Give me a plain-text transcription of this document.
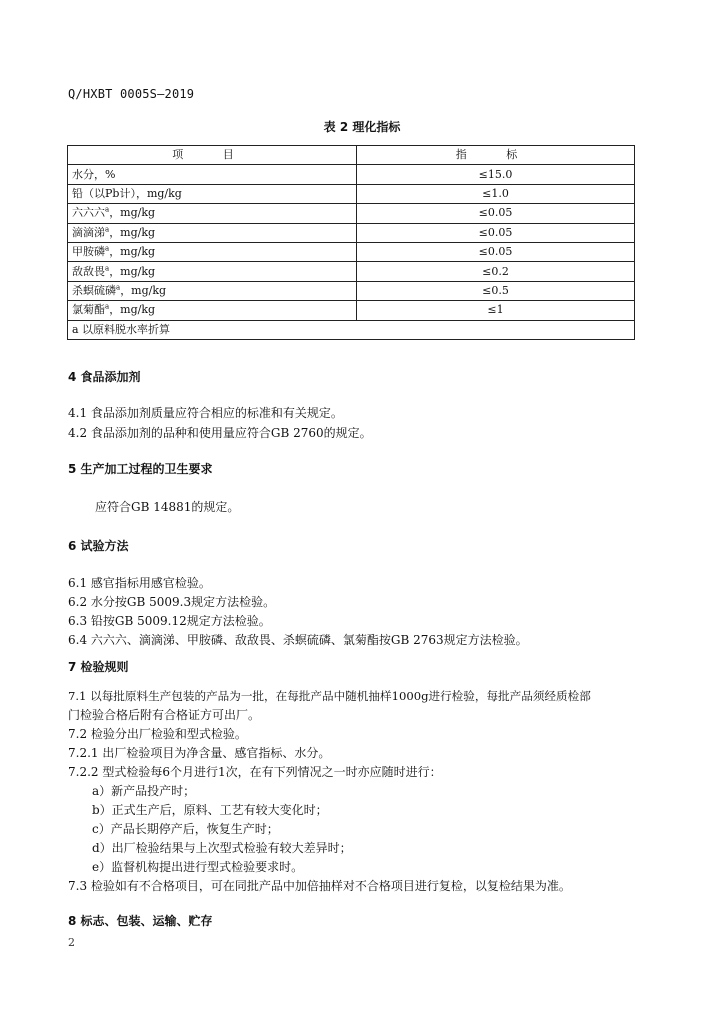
Q/HXBT 0005S—2019
表 2 理化指标
项 目	指 标
水分，%	≤15.0
铅（以Pb计），mg/kg	≤1.0
六六六$^a$，mg/kg	≤0.05
滴滴涕$^a$，mg/kg	≤0.05
甲胺磷$^a$，mg/kg	≤0.05
敌敌畏$^a$，mg/kg	≤0.2
杀螟硫磷$^a$，mg/kg	≤0.5
氯菊酯$^a$，mg/kg	≤1
a 以原料脱水率折算	
4 食品添加剂
4.1 食品添加剂质量应符合相应的标准和有关规定。
4.2 食品添加剂的品种和使用量应符合GB 2760的规定。
5 生产加工过程的卫生要求
应符合GB 14881的规定。
6 试验方法
6.1 感官指标用感官检验。
6.2 水分按GB 5009.3规定方法检验。
6.3 铅按GB 5009.12规定方法检验。
6.4 六六六、滴滴涕、甲胺磷、敌敌畏、杀螟硫磷、氯菊酯按GB 2763规定方法检验。
7 检验规则
7.1 以每批原料生产包装的产品为一批，在每批产品中随机抽样1000g进行检验，每批产品须经质检部
门检验合格后附有合格证方可出厂。
7.2 检验分出厂检验和型式检验。
7.2.1 出厂检验项目为净含量、感官指标、水分。
7.2.2 型式检验每6个月进行1次，在有下列情况之一时亦应随时进行：
a）新产品投产时；
b）正式生产后，原料、工艺有较大变化时；
c）产品长期停产后，恢复生产时；
d）出厂检验结果与上次型式检验有较大差异时；
e）监督机构提出进行型式检验要求时。
7.3 检验如有不合格项目，可在同批产品中加倍抽样对不合格项目进行复检，以复检结果为准。
8 标志、包装、运输、贮存
2
